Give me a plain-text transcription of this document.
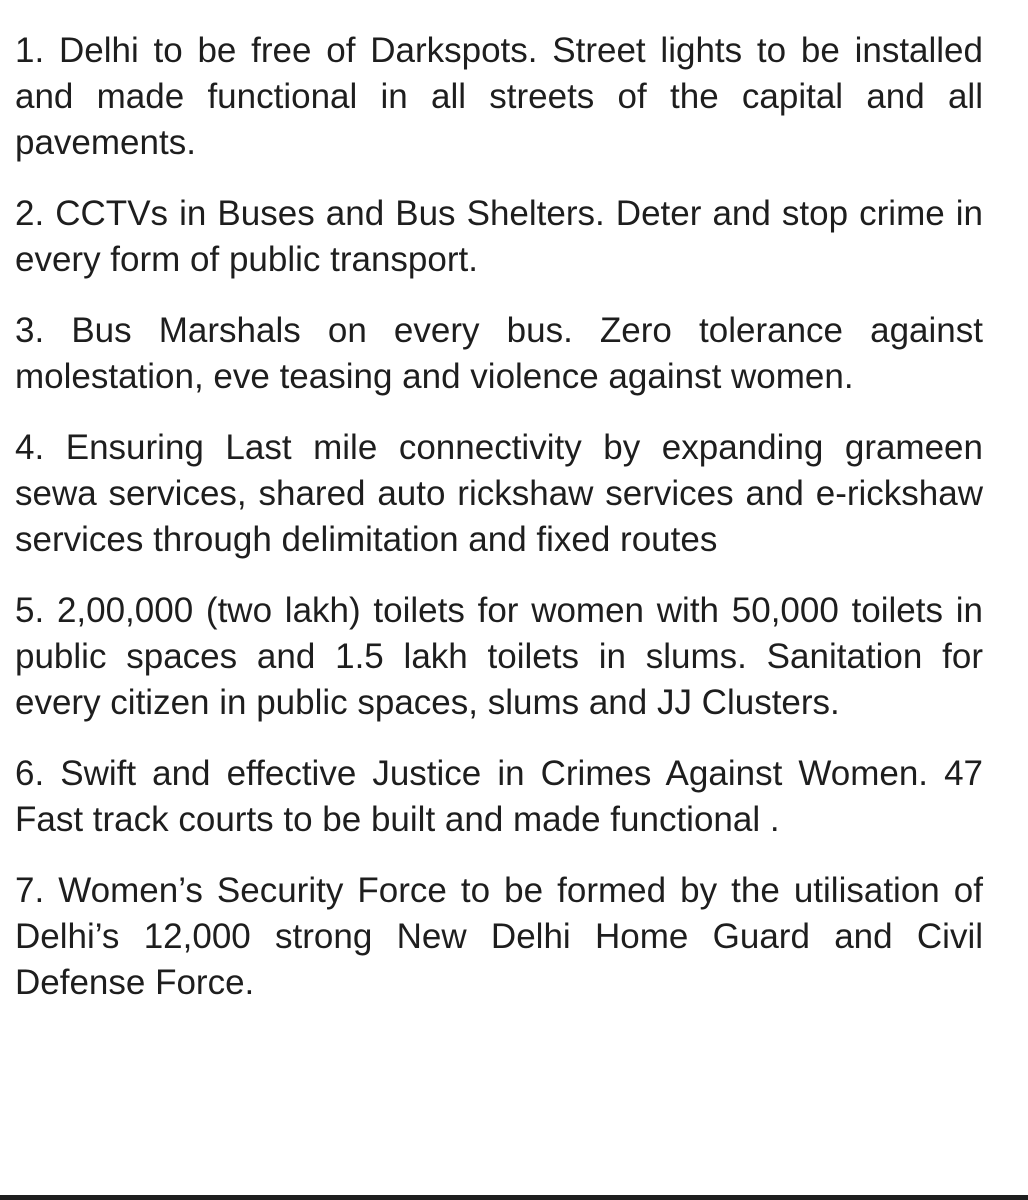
1. Delhi to be free of Darkspots. Street lights to be installed and made functional in all streets of the capital and all pavements.

2. CCTVs in Buses and Bus Shelters. Deter and stop crime in every form of public transport.

3. Bus Marshals on every bus. Zero tolerance against molestation, eve teasing and violence against women.

4. Ensuring Last mile connectivity by expanding grameen sewa services, shared auto rickshaw services and e-rickshaw services through delimitation and fixed routes

5. 2,00,000 (two lakh) toilets for women with 50,000 toilets in public spaces and 1.5 lakh toilets in slums. Sanitation for every citizen in public spaces, slums and JJ Clusters.

6. Swift and effective Justice in Crimes Against Women. 47 Fast track courts to be built and made functional .

7. Women’s Security Force to be formed by the utilisation of Delhi’s 12,000 strong New Delhi Home Guard and Civil Defense Force.
